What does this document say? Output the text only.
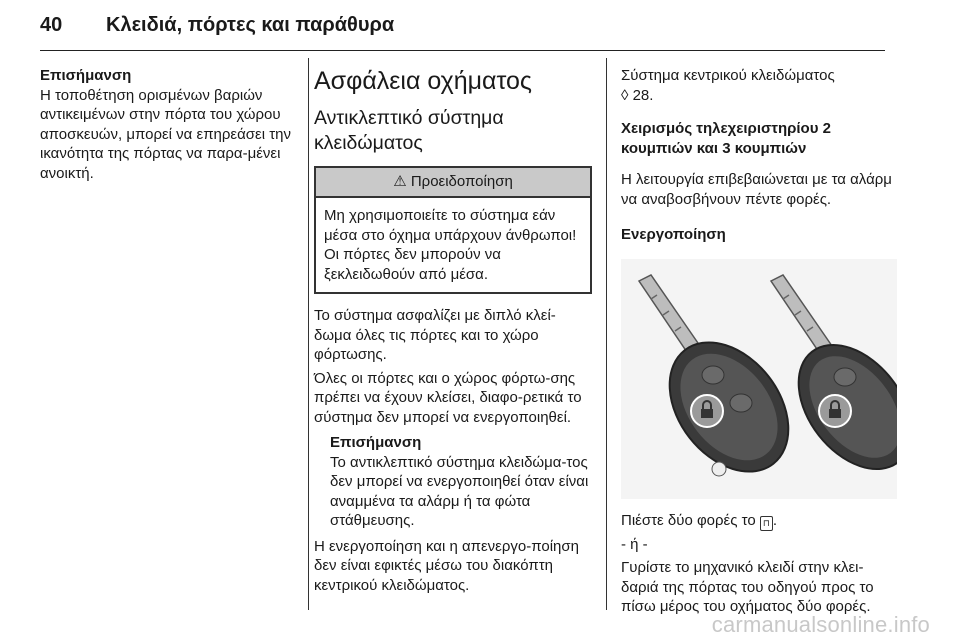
40 Κλειδιά, πόρτες και παράθυρα

Επισήμανση

Η τοποθέτηση ορισμένων βαριών αντικειμένων στην πόρτα του χώρου αποσκευών, μπορεί να επηρεάσει την ικανότητα της πόρτας να παρα-μένει ανοικτή.

Ασφάλεια οχήματος
Αντικλεπτικό σύστημα κλειδώματος
⚠ Προειδοποίηση
Μη χρησιμοποιείτε το σύστημα εάν μέσα στο όχημα υπάρχουν άνθρωποι! Οι πόρτες δεν μπορούν να ξεκλειδωθούν από μέσα.

Το σύστημα ασφαλίζει με διπλό κλεί-δωμα όλες τις πόρτες και το χώρο φόρτωσης.

Όλες οι πόρτες και ο χώρος φόρτω-σης πρέπει να έχουν κλείσει, διαφο-ρετικά το σύστημα δεν μπορεί να ενεργοποιηθεί.

Επισήμανση

Το αντικλεπτικό σύστημα κλειδώμα-τος δεν μπορεί να ενεργοποιηθεί όταν είναι αναμμένα τα αλάρμ ή τα φώτα στάθμευσης.

Η ενεργοποίηση και η απενεργο-ποίηση δεν είναι εφικτές μέσω του διακόπτη κεντρικού κλειδώματος.

Σύστημα κεντρικού κλειδώματος
◊ 28.

Χειρισμός τηλεχειριστηρίου 2 κουμπιών και 3 κουμπιών

Η λειτουργία επιβεβαιώνεται με τα αλάρμ να αναβοσβήνουν πέντε φορές.

Ενεργοποίηση

Πιέστε δύο φορές το ⊓ .

- ή -

Γυρίστε το μηχανικό κλειδί στην κλει-δαριά της πόρτας του οδηγού προς το πίσω μέρος του οχήματος δύο φορές.

carmanualsonline.info
